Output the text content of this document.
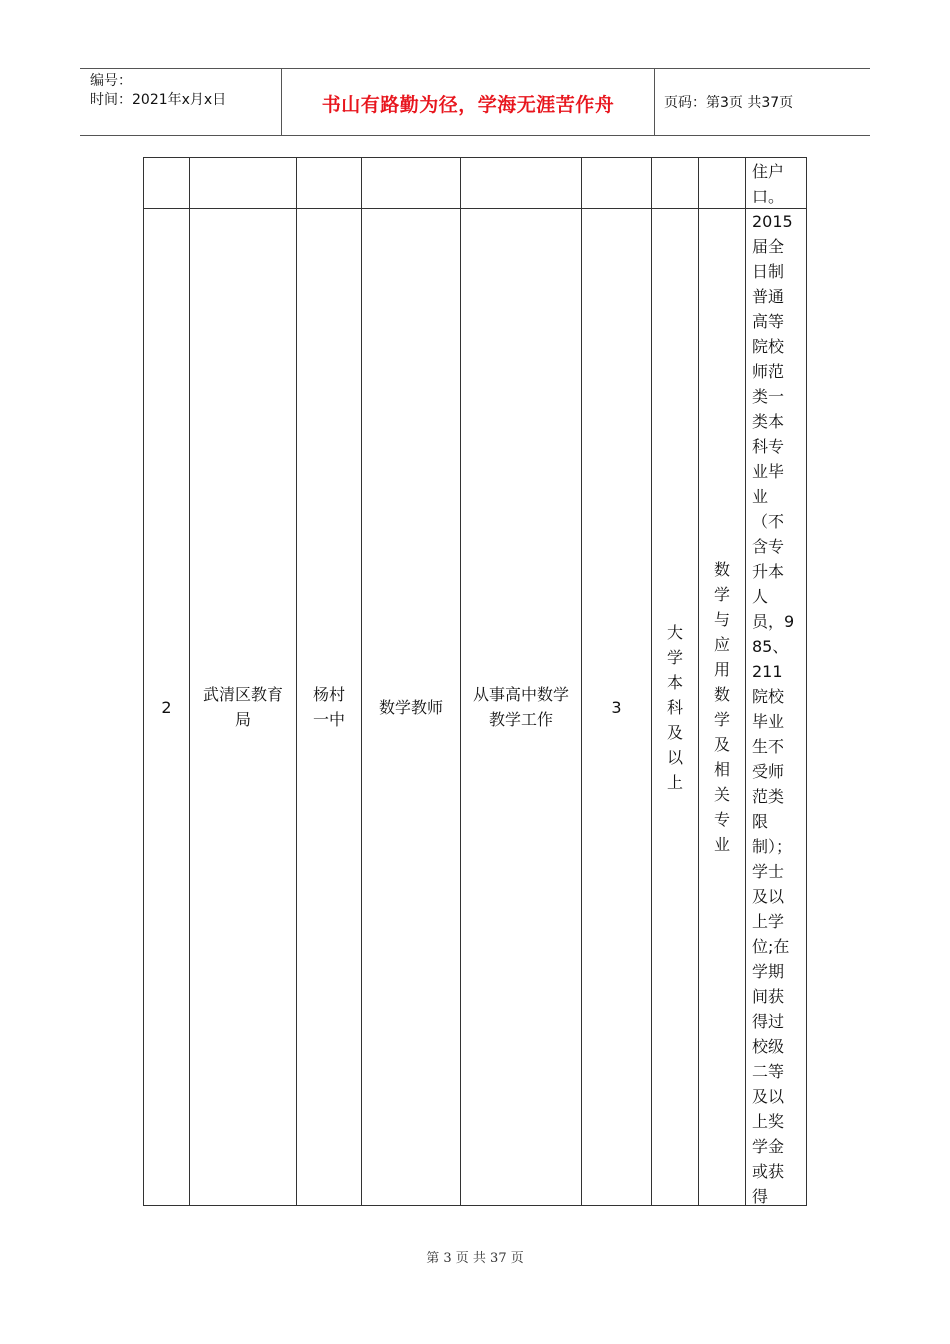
编号：
时间：2021年x月x日	书山有路勤为径，学海无涯苦作舟	页码：第3页 共37页
住户口。
2
武清区教育局
杨村一中
数学教师
从事高中数学教学工作
3
大学本科及以上
数学与应用数学及相关专业
2015届全日制普通高等院校师范类一类本科专业毕业（不含专升本人员，985、211院校毕业生不受师范类限制）；学士及以上学位;在学期间获得过校级二等及以上奖学金或获得
第 3 页 共 37 页
